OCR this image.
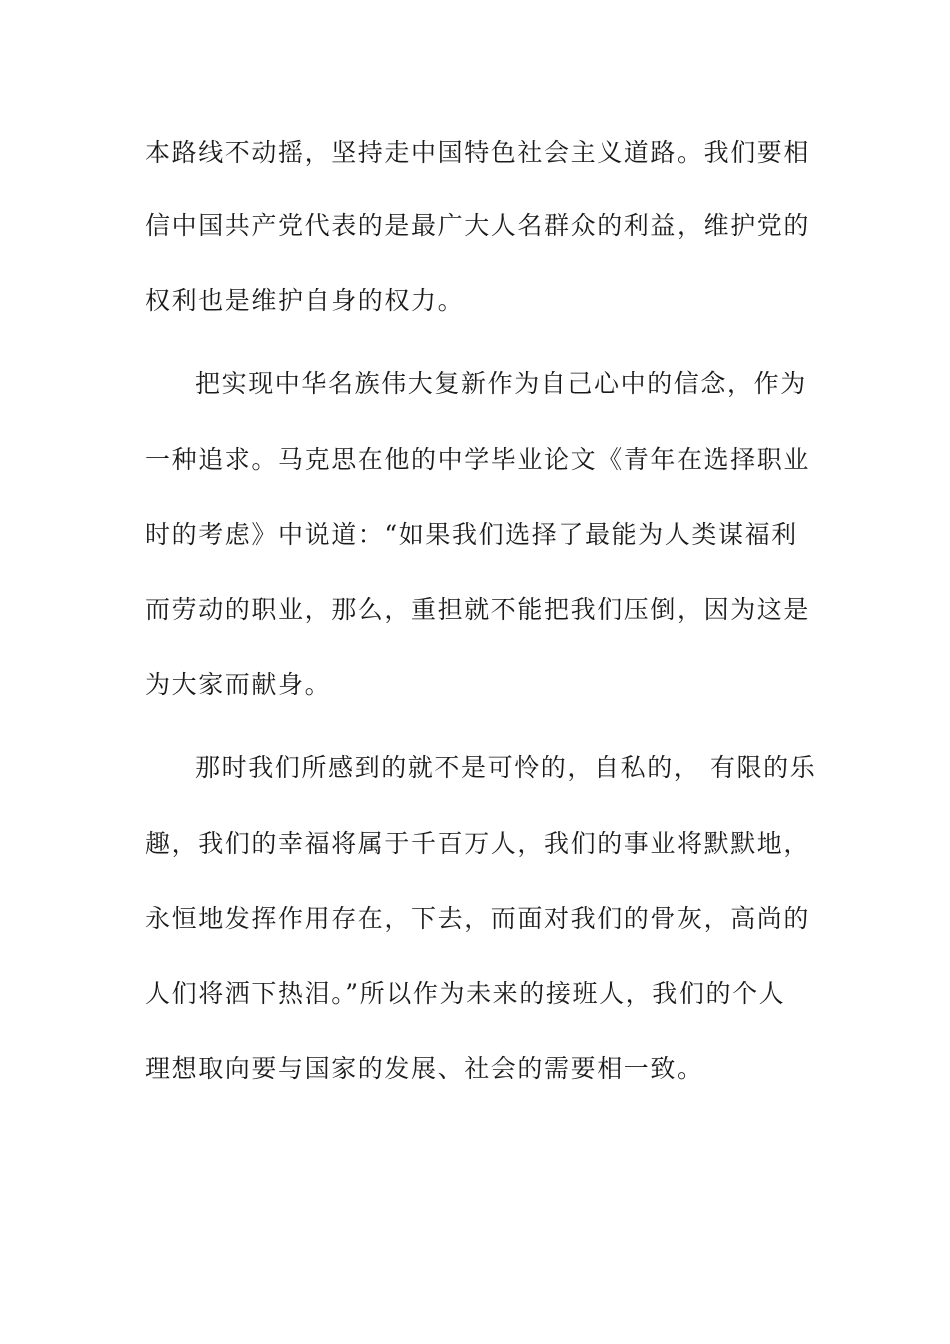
本路线不动摇，坚持走中国特色社会主义道路。我们要相
信中国共产党代表的是最广大人名群众的利益，维护党的
权利也是维护自身的权力。
把实现中华名族伟大复新作为自己心中的信念，作为
一种追求。马克思在他的中学毕业论文《青年在选择职业
时的考虑》中说道：“如果我们选择了最能为人类谋福利
而劳动的职业，那么，重担就不能把我们压倒，因为这是
为大家而献身。
那时我们所感到的就不是可怜的，自私的， 有限的乐
趣，我们的幸福将属于千百万人，我们的事业将默默地，
永恒地发挥作用存在，下去，而面对我们的骨灰，高尚的
人们将洒下热泪。”所以作为未来的接班人，我们的个人
理想取向要与国家的发展、社会的需要相一致。
